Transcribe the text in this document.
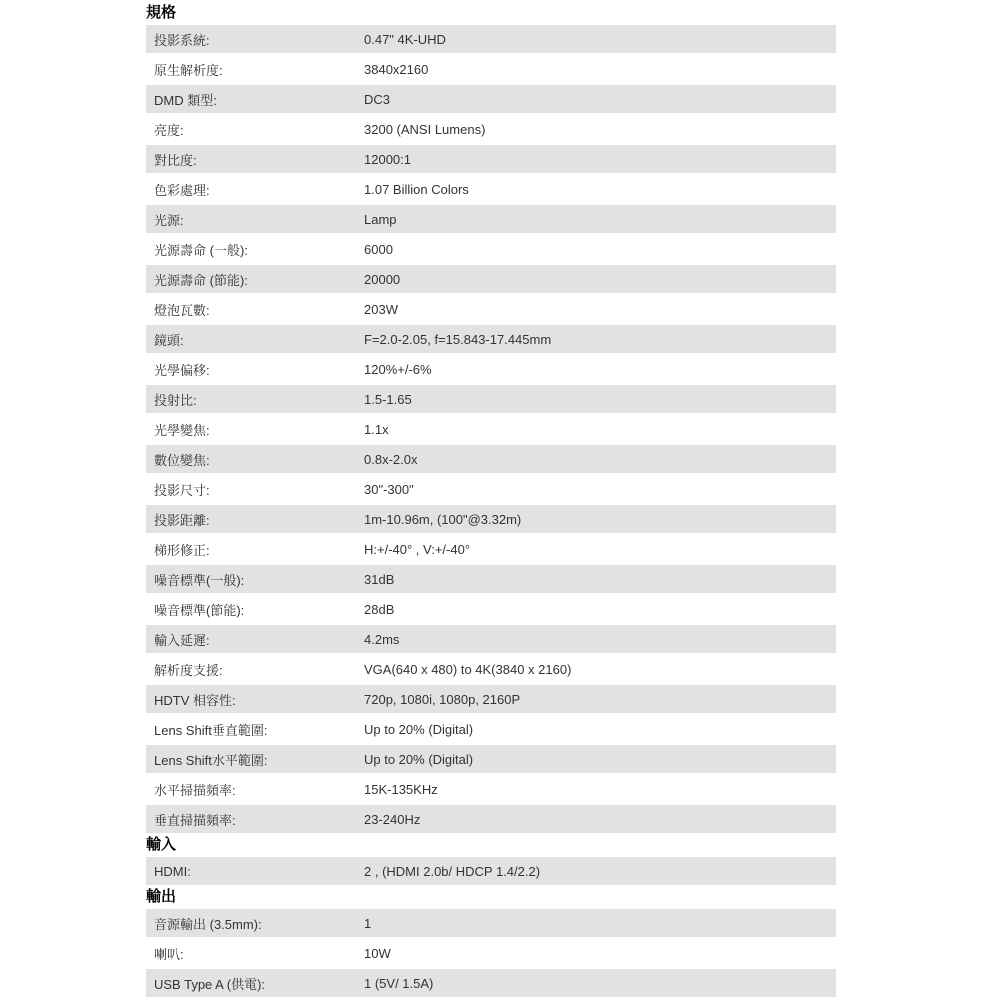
規格
投影系統:	0.47" 4K-UHD
原生解析度:	3840x2160
DMD 類型:	DC3
亮度:	3200 (ANSI Lumens)
對比度:	12000:1
色彩處理:	1.07 Billion Colors
光源:	Lamp
光源壽命 (一般):	6000
光源壽命 (節能):	20000
燈泡瓦數:	203W
鏡頭:	F=2.0-2.05, f=15.843-17.445mm
光學偏移:	120%+/-6%
投射比:	1.5-1.65
光學變焦:	1.1x
數位變焦:	0.8x-2.0x
投影尺寸:	30"-300"
投影距離:	1m-10.96m, (100"@3.32m)
梯形修正:	H:+/-40° , V:+/-40°
噪音標準(一般):	31dB
噪音標準(節能):	28dB
輸入延遲:	4.2ms
解析度支援:	VGA(640 x 480) to 4K(3840 x 2160)
HDTV 相容性:	720p, 1080i, 1080p, 2160P
Lens Shift垂直範圍:	Up to 20% (Digital)
Lens Shift水平範圍:	Up to 20% (Digital)
水平掃描頻率:	15K-135KHz
垂直掃描頻率:	23-240Hz
輸入
HDMI:	2 , (HDMI 2.0b/ HDCP 1.4/2.2)
輸出
音源輸出 (3.5mm):	1
喇叭:	10W
USB Type A (供電):	1 (5V/ 1.5A)
